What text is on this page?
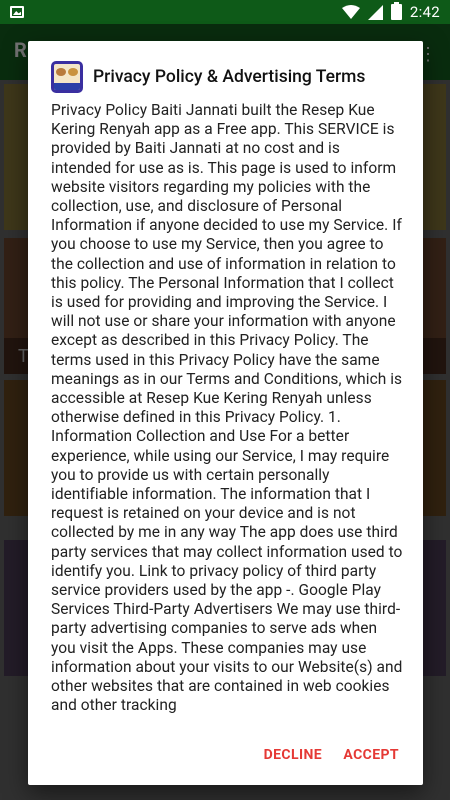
2:42
Privacy Policy & Advertising Terms
Privacy Policy Baiti Jannati built the Resep Kue Kering Renyah app as a Free app. This SERVICE is provided by Baiti Jannati at no cost and is intended for use as is. This page is used to inform website visitors regarding my policies with the collection, use, and disclosure of Personal Information if anyone decided to use my Service. If you choose to use my Service, then you agree to the collection and use of information in relation to this policy. The Personal Information that I collect is used for providing and improving the Service. I will not use or share your information with anyone except as described in this Privacy Policy. The terms used in this Privacy Policy have the same meanings as in our Terms and Conditions, which is accessible at Resep Kue Kering Renyah unless otherwise defined in this Privacy Policy. 1. Information Collection and Use For a better experience, while using our Service, I may require you to provide us with certain personally identifiable information. The information that I request is retained on your device and is not collected by me in any way The app does use third party services that may collect information used to identify you. Link to privacy policy of third party service providers used by the app -. Google Play Services Third-Party Advertisers We may use third-party advertising companies to serve ads when you visit the Apps. These companies may use information about your visits to our Website(s) and other websites that are contained in web cookies and other tracking
DECLINE ACCEPT
